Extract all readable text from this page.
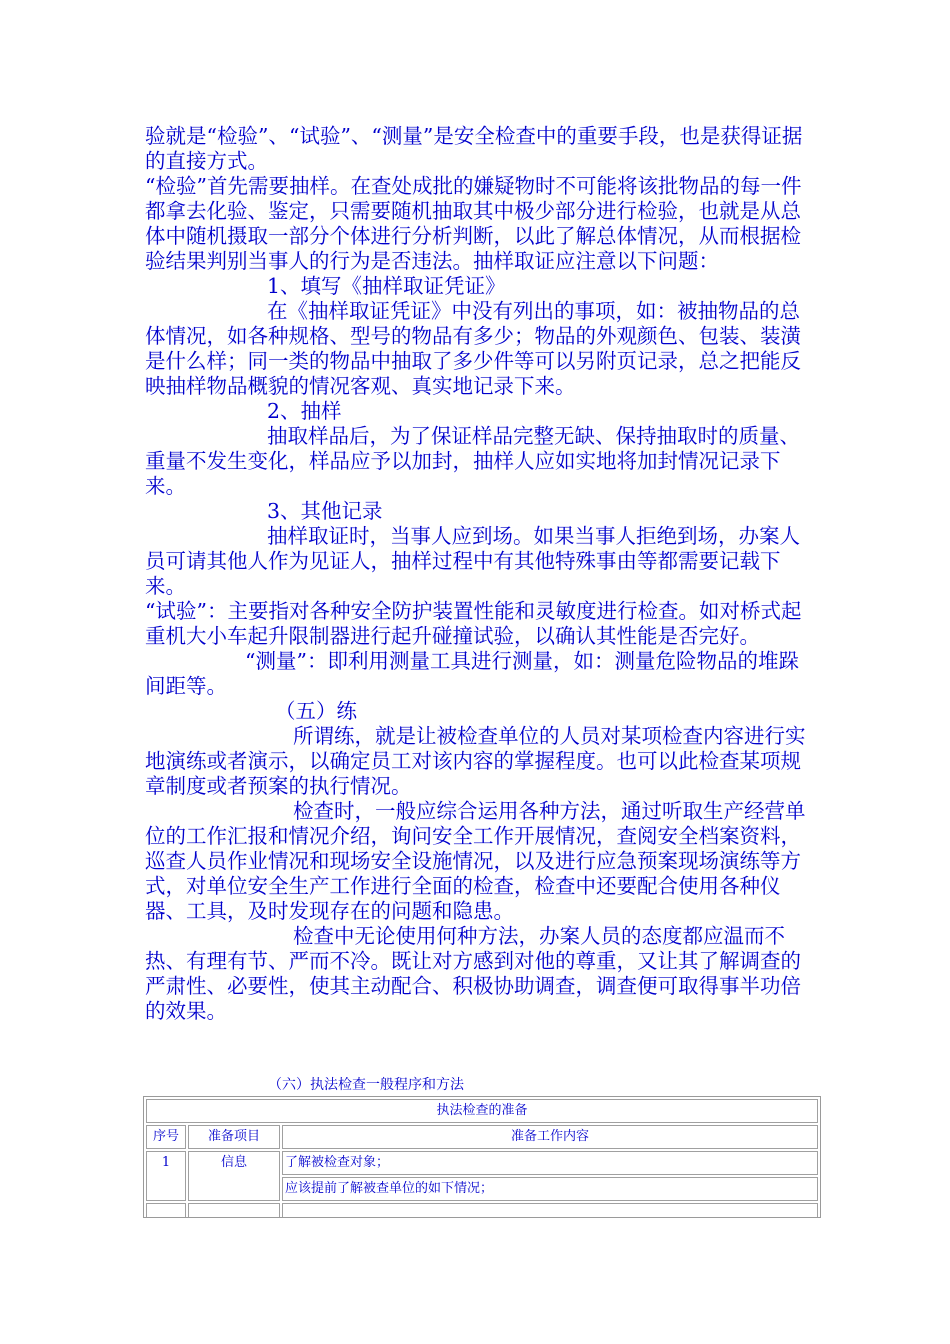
验就是“检验”、“试验”、“测量”是安全检查中的重要手段，也是获得证据的直接方式。

“检验”首先需要抽样。在查处成批的嫌疑物时不可能将该批物品的每一件都拿去化验、鉴定，只需要随机抽取其中极少部分进行检验，也就是从总体中随机摄取一部分个体进行分析判断，以此了解总体情况，从而根据检验结果判别当事人的行为是否违法。抽样取证应注意以下问题：

1、填写《抽样取证凭证》

在《抽样取证凭证》中没有列出的事项，如：被抽物品的总体情况，如各种规格、型号的物品有多少；物品的外观颜色、包装、装潢是什么样；同一类的物品中抽取了多少件等可以另附页记录，总之把能反映抽样物品概貌的情况客观、真实地记录下来。

2、抽样

抽取样品后，为了保证样品完整无缺、保持抽取时的质量、重量不发生变化，样品应予以加封，抽样人应如实地将加封情况记录下来。

3、其他记录

抽样取证时，当事人应到场。如果当事人拒绝到场，办案人员可请其他人作为见证人，抽样过程中有其他特殊事由等都需要记载下来。

“试验”：主要指对各种安全防护装置性能和灵敏度进行检查。如对桥式起重机大小车起升限制器进行起升碰撞试验，以确认其性能是否完好。

“测量”：即利用测量工具进行测量，如：测量危险物品的堆跺间距等。

（五）练

所谓练，就是让被检查单位的人员对某项检查内容进行实地演练或者演示，以确定员工对该内容的掌握程度。也可以此检查某项规章制度或者预案的执行情况。

检查时，一般应综合运用各种方法，通过听取生产经营单位的工作汇报和情况介绍，询问安全工作开展情况，查阅安全档案资料，巡查人员作业情况和现场安全设施情况，以及进行应急预案现场演练等方式，对单位安全生产工作进行全面的检查，检查中还要配合使用各种仪器、工具，及时发现存在的问题和隐患。

检查中无论使用何种方法，办案人员的态度都应温而不热、有理有节、严而不冷。既让对方感到对他的尊重，又让其了解调查的严肃性、必要性，使其主动配合、积极协助调查，调查便可取得事半功倍的效果。

（六）执法检查一般程序和方法
执法检查的准备		
序号	准备项目	准备工作内容
1	信息	了解被检查对象；
		应该提前了解被查单位的如下情况；
